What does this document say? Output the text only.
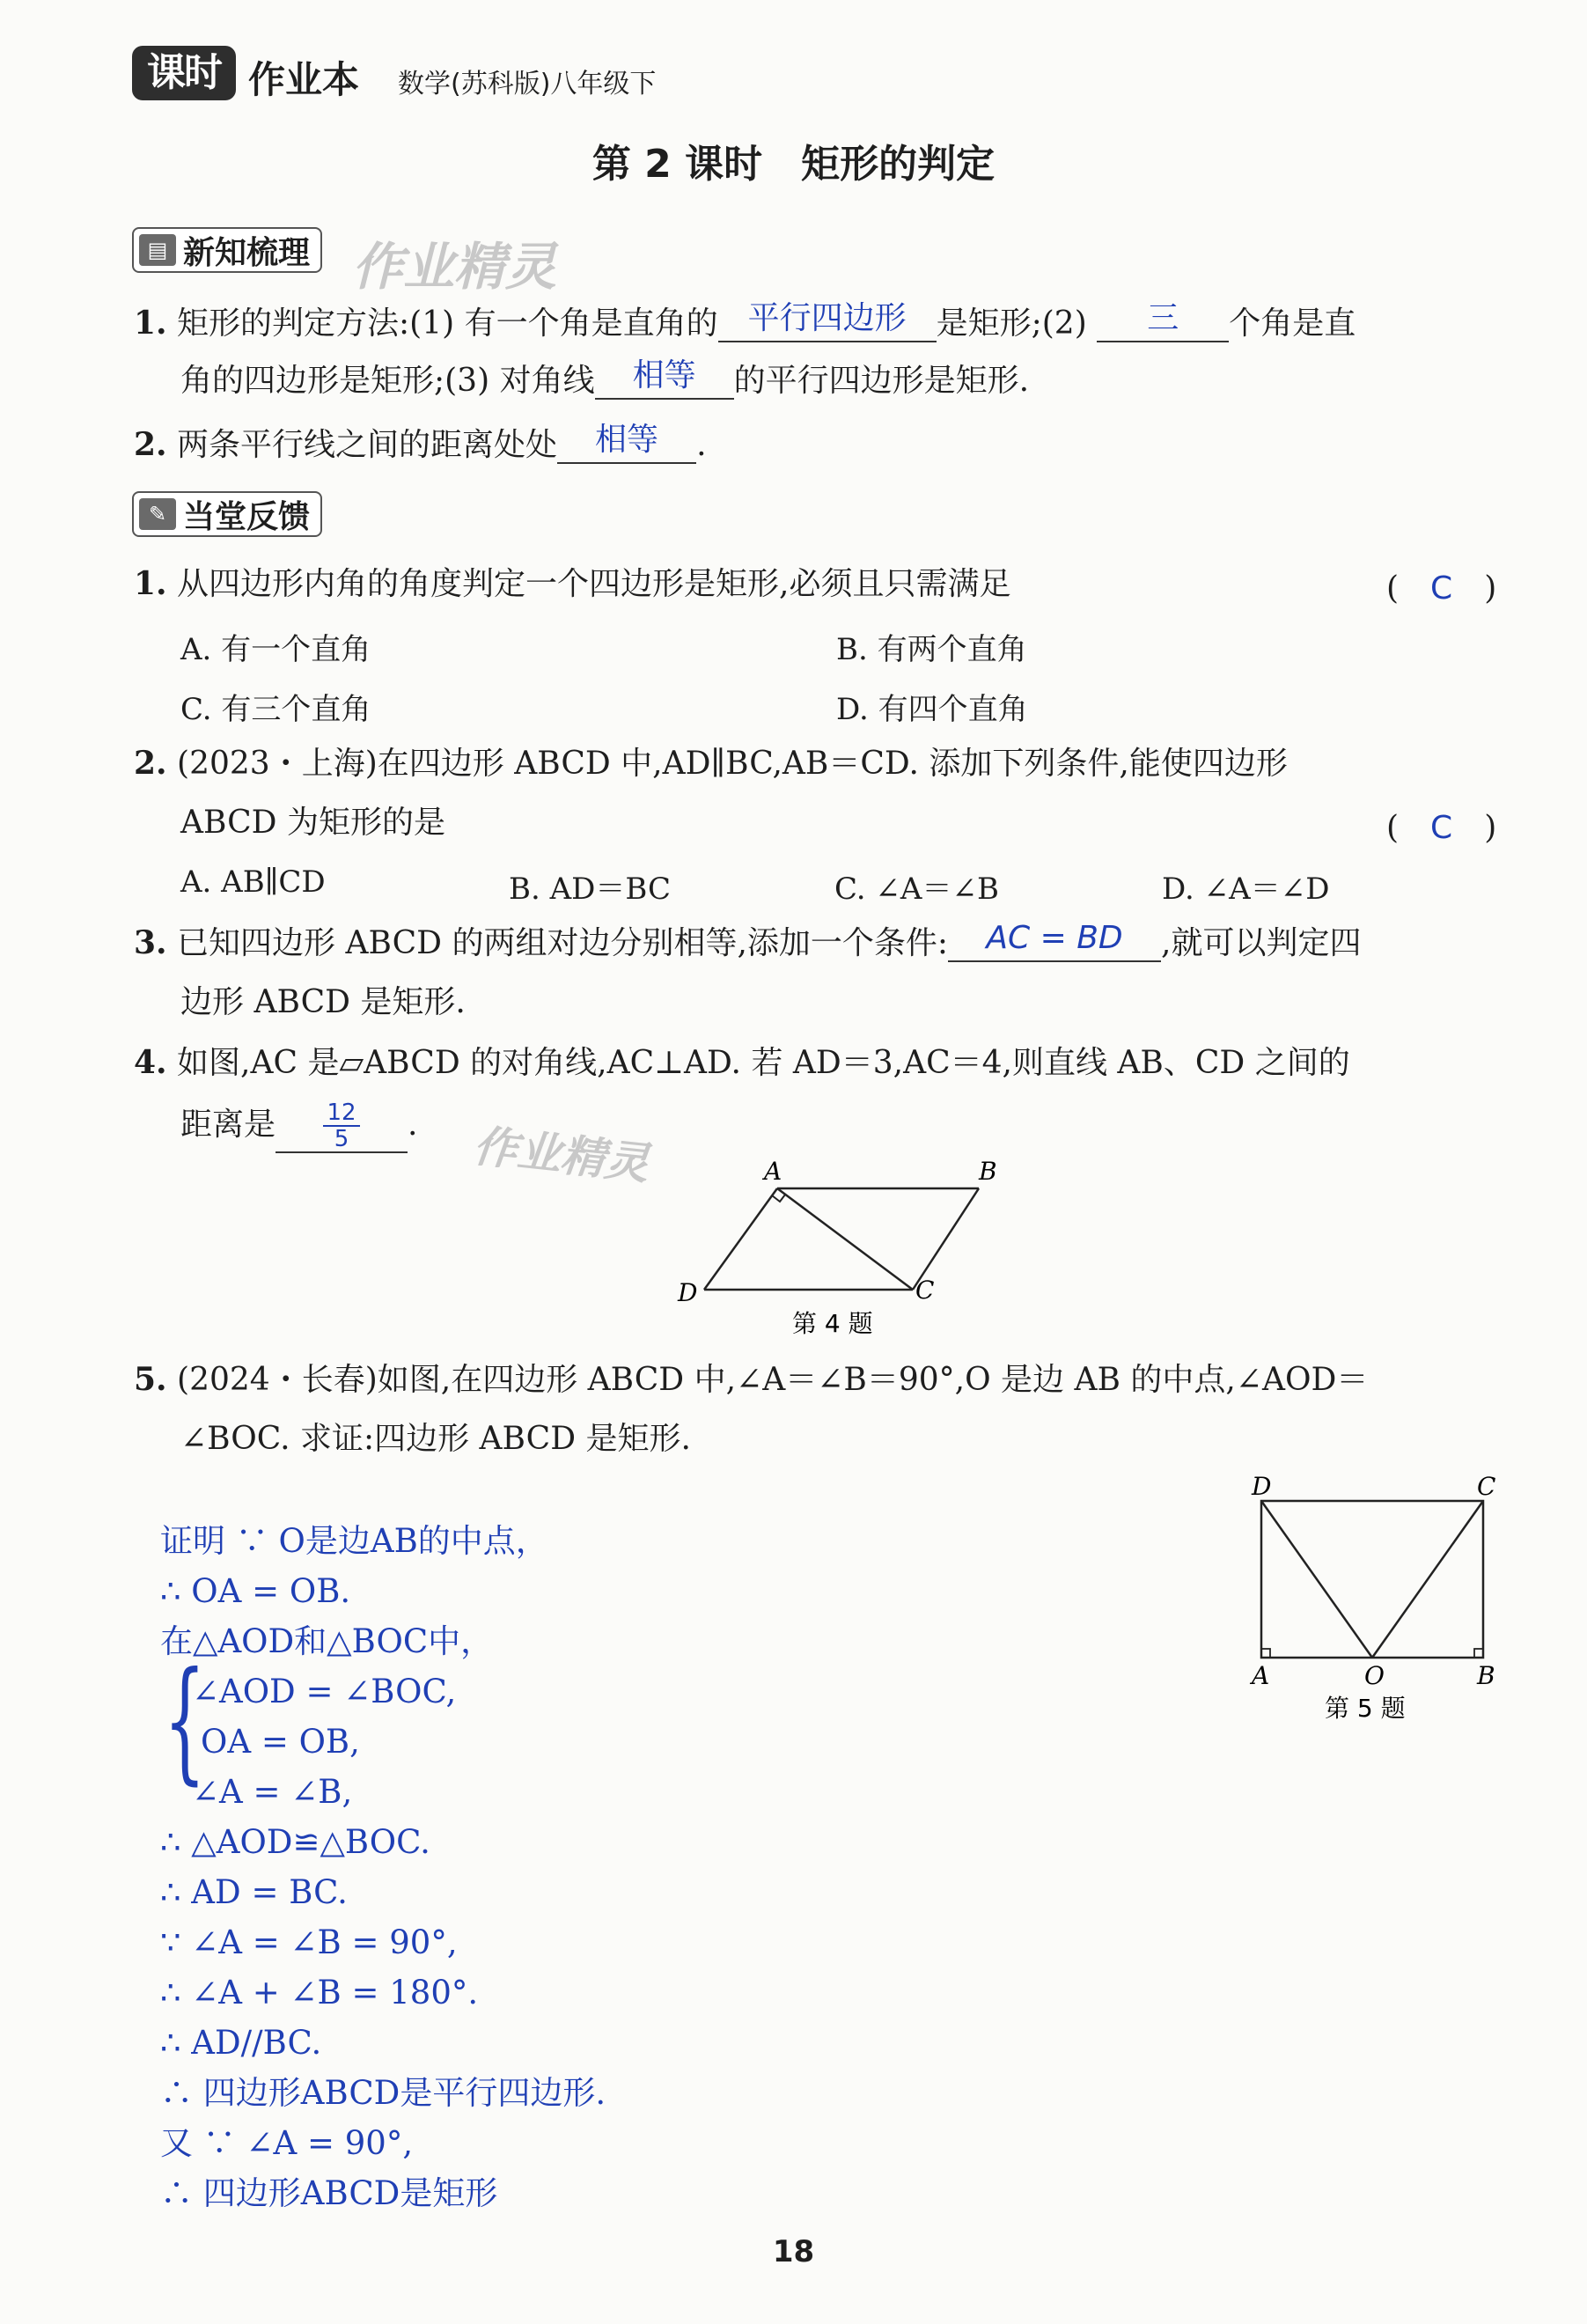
课时 作业本 数学(苏科版)八年级下
第 2 课时　矩形的判定
▤ 新知梳理 作业精灵
1. 矩形的判定方法:(1) 有一个角是直角的 平行四边形 是矩形;(2) 三 个角是直
角的四边形是矩形;(3) 对角线 相等 的平行四边形是矩形.
2. 两条平行线之间的距离处处 相等 .
✎ 当堂反馈
1. 从四边形内角的角度判定一个四边形是矩形,必须且只需满足	(　C　)
A. 有一个直角	B. 有两个直角
C. 有三个直角	D. 有四个直角
2. (2023・上海)在四边形 ABCD 中,AD∥BC,AB＝CD. 添加下列条件,能使四边形
ABCD 为矩形的是	(　C　)
A. AB∥CD	B. AD＝BC	C. ∠A＝∠B	D. ∠A＝∠D
3. 已知四边形 ABCD 的两组对边分别相等,添加一个条件: AC = BD ,就可以判定四
边形 ABCD 是矩形.
4. 如图,AC 是▱ABCD 的对角线,AC⊥AD. 若 AD＝3,AC＝4,则直线 AB、CD 之间的
距离是 $\frac{12}{5}$ . 作业精灵	A	B
C
D
第 4 题
5. (2024・长春)如图,在四边形 ABCD 中,∠A＝∠B＝90°,O 是边 AB 的中点,∠AOD＝
∠BOC. 求证:四边形 ABCD 是矩形.
D	C
A	O	B
第 5 题
证明 ∵ O是边AB的中点，
∴ OA = OB.
在△AOD和△BOC中，
{
∠AOD = ∠BOC,
OA = OB,
∠A = ∠B,
∴ △AOD≌△BOC.
∴ AD = BC.
∵ ∠A = ∠B = 90°,
∴ ∠A + ∠B = 180°.
∴ AD//BC.
∴ 四边形ABCD是平行四边形.
又 ∵ ∠A = 90°,
∴ 四边形ABCD是矩形
18
